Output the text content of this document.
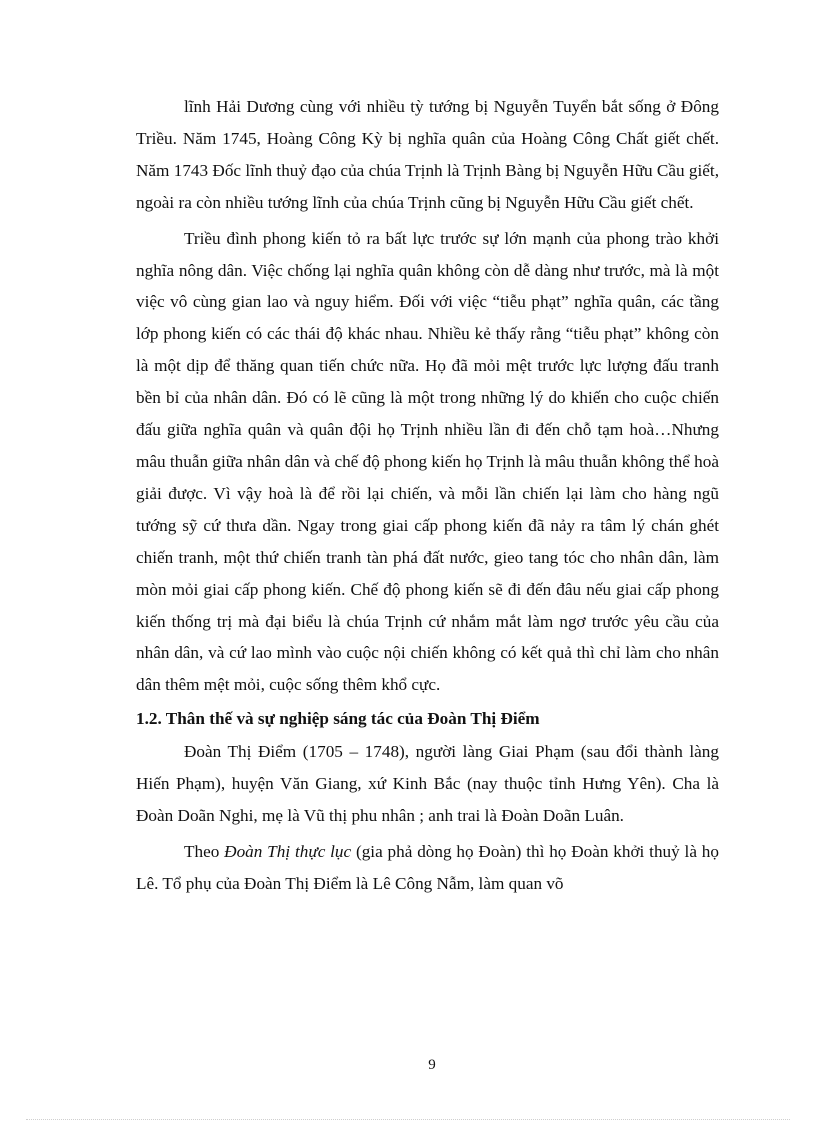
lĩnh Hải Dương cùng với nhiều tỳ tướng bị Nguyễn Tuyển bắt sống ở Đông Triều. Năm 1745, Hoàng Công Kỳ bị nghĩa quân của Hoàng Công Chất giết chết. Năm 1743 Đốc lĩnh thuỷ đạo của chúa Trịnh là Trịnh Bàng bị Nguyễn Hữu Cầu giết, ngoài ra còn nhiều tướng lĩnh của chúa Trịnh cũng bị Nguyễn Hữu Cầu giết chết.

Triều đình phong kiến tỏ ra bất lực trước sự lớn mạnh của phong trào khởi nghĩa nông dân. Việc chống lại nghĩa quân không còn dễ dàng như trước, mà là một việc vô cùng gian lao và nguy hiểm. Đối với việc “tiễu phạt” nghĩa quân, các tầng lớp phong kiến có các thái độ khác nhau. Nhiều kẻ thấy rằng “tiễu phạt” không còn là một dịp để thăng quan tiến chức nữa. Họ đã mỏi mệt trước lực lượng đấu tranh bền bỉ của nhân dân. Đó có lẽ cũng là một trong những lý do khiến cho cuộc chiến đấu giữa nghĩa quân và quân đội họ Trịnh nhiều lần đi đến chỗ tạm hoà…Nhưng mâu thuẫn giữa nhân dân và chế độ phong kiến họ Trịnh là mâu thuẫn không thể hoà giải được. Vì vậy hoà là để rồi lại chiến, và mỗi lần chiến lại làm cho hàng ngũ tướng sỹ cứ thưa dần. Ngay trong giai cấp phong kiến đã nảy ra tâm lý chán ghét chiến tranh, một thứ chiến tranh tàn phá đất nước, gieo tang tóc cho nhân dân, làm mòn mỏi giai cấp phong kiến. Chế độ phong kiến sẽ đi đến đâu nếu giai cấp phong kiến thống trị mà đại biểu là chúa Trịnh cứ nhắm mắt làm ngơ trước yêu cầu của nhân dân, và cứ lao mình vào cuộc nội chiến không có kết quả thì chỉ làm cho nhân dân thêm mệt mỏi, cuộc sống thêm khổ cực.

1.2. Thân thế và sự nghiệp sáng tác của Đoàn Thị Điểm

Đoàn Thị Điểm (1705 – 1748), người làng Giai Phạm (sau đổi thành làng Hiến Phạm), huyện Văn Giang, xứ Kinh Bắc (nay thuộc tỉnh Hưng Yên). Cha là Đoàn Doãn Nghi, mẹ là Vũ thị phu nhân ; anh trai là Đoàn Doãn Luân.

Theo Đoàn Thị thực lục (gia phả dòng họ Đoàn) thì họ Đoàn khởi thuỷ là họ Lê. Tổ phụ của Đoàn Thị Điểm là Lê Công Nẫm, làm quan võ

9
